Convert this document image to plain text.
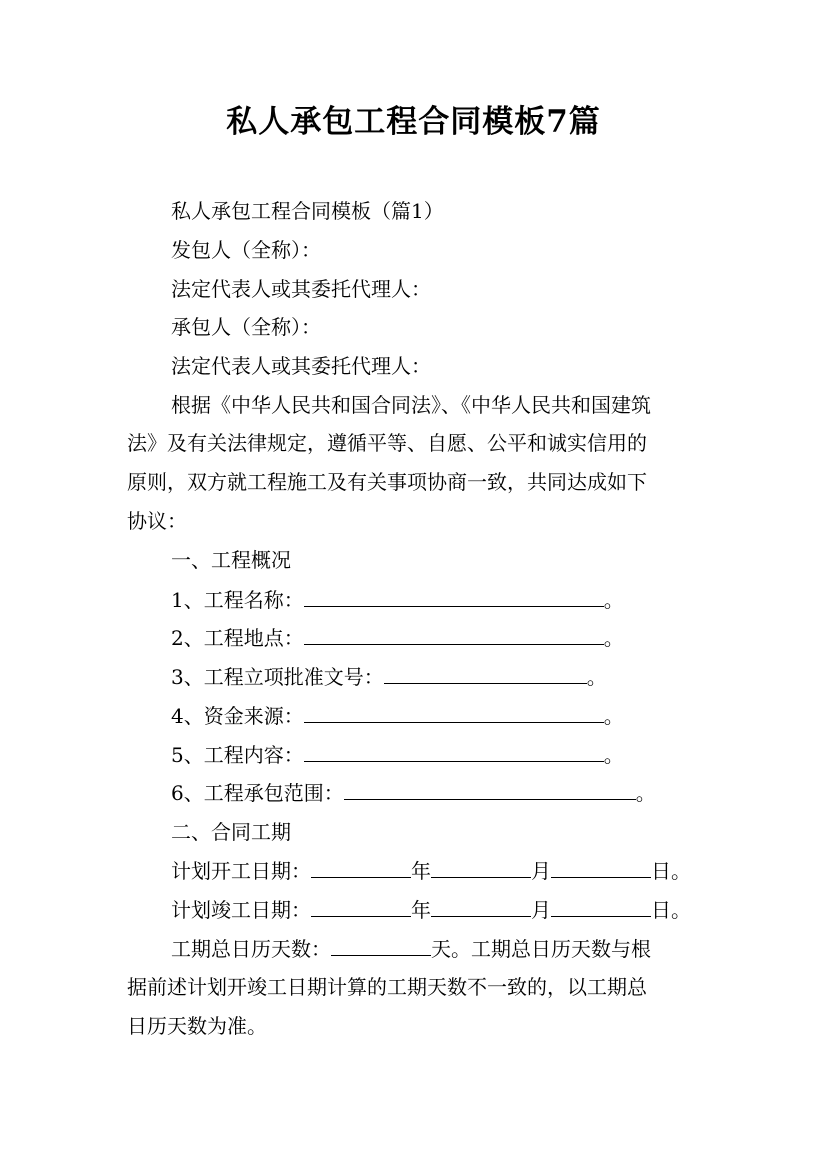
私人承包工程合同模板7篇

私人承包工程合同模板（篇1）

发包人（全称）：

法定代表人或其委托代理人：

承包人（全称）：

法定代表人或其委托代理人：

根据《中华人民共和国合同法》、《中华人民共和国建筑

法》及有关法律规定，遵循平等、自愿、公平和诚实信用的

原则，双方就工程施工及有关事项协商一致，共同达成如下

协议：

一、工程概况

1、工程名称：	。

2、工程地点：	。

3、工程立项批准文号：	。

4、资金来源：	。

5、工程内容：	。

6、工程承包范围：	。

二、合同工期

计划开工日期：	年	月	日。

计划竣工日期：	年	月	日。

工期总日历天数：	天。工期总日历天数与根

据前述计划开竣工日期计算的工期天数不一致的，以工期总

日历天数为准。
